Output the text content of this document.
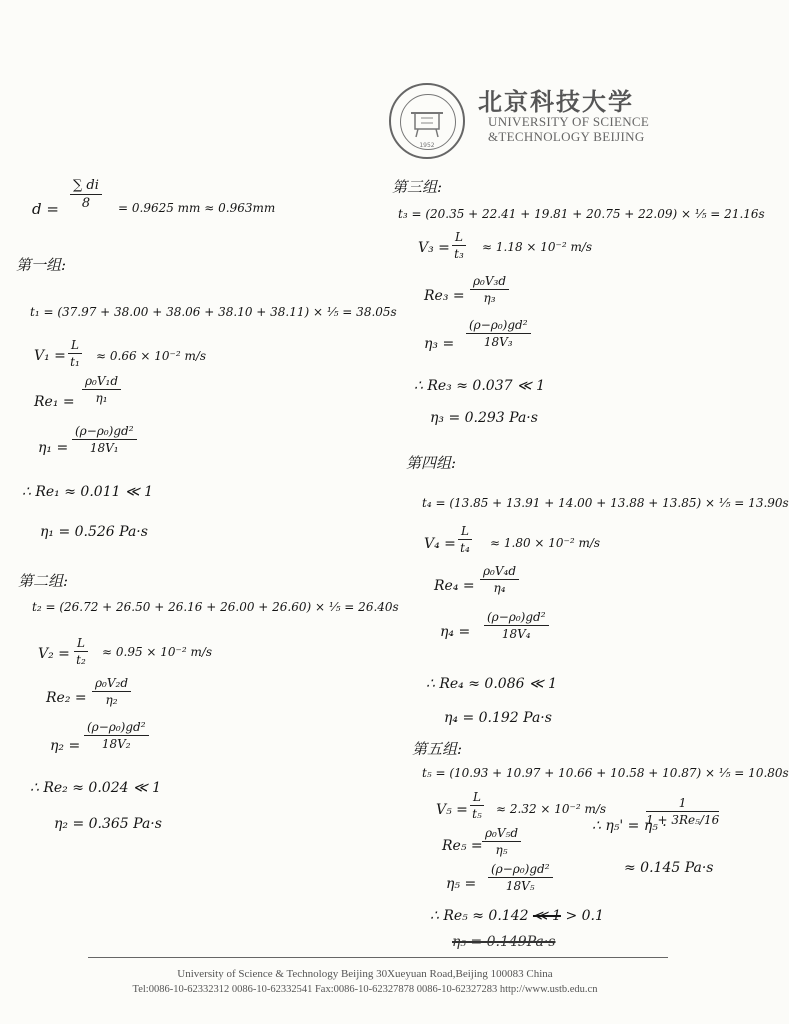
1952
北京科技大学
UNIVERSITY OF SCIENCE
&TECHNOLOGY BEIJING
$d = \frac{\sum di}{8} = 0.9625$ mm ≈ 0.963mm
第一组:
t₁ = (37.97 + 38.00 + 38.06 + 38.10 + 38.11) × ⅕ = 38.05s
$V_1 = \frac{L}{\text{t₁}} \approx 0.66 \times 10^{-2}$ m/s
$Re_1 = \frac{\text{ρ₀V₁d}}{\text{η₁}}$
$\eta_1 = \frac{\text{(ρ−ρ₀)gd²}}{\text{18V₁}}$
∴ Re₁ ≈ 0.011 ≪ 1
η₁ = 0.526 Pa·s
第二组:
t₂ = (26.72 + 26.50 + 26.16 + 26.00 + 26.60) × ⅕ = 26.40s
$V_2 = \frac{L}{\text{t₂}} \approx 0.95 \times 10^{-2}$ m/s
$Re_2 = \frac{\text{ρ₀V₂d}}{\text{η₂}}$
$\eta_2 = \frac{\text{(ρ−ρ₀)gd²}}{\text{18V₂}}$
∴ Re₂ ≈ 0.024 ≪ 1
η₂ = 0.365 Pa·s
第三组:
t₃ = (20.35 + 22.41 + 19.81 + 20.75 + 22.09) × ⅕ = 21.16s
$V_3 = \frac{L}{\text{t₃}} \approx 1.18 \times 10^{-2}$ m/s
$Re_3 = \frac{\text{ρ₀V₃d}}{\text{η₃}}$
$\eta_3 = \frac{\text{(ρ−ρ₀)gd²}}{\text{18V₃}}$
∴ Re₃ ≈ 0.037 ≪ 1
η₃ = 0.293 Pa·s
第四组:
t₄ = (13.85 + 13.91 + 14.00 + 13.88 + 13.85) × ⅕ = 13.90s
$V_4 = \frac{L}{\text{t₄}} \approx 1.80 \times 10^{-2}$ m/s
$Re_4 = \frac{\text{ρ₀V₄d}}{\text{η₄}}$
$\eta_4 = \frac{\text{(ρ−ρ₀)gd²}}{\text{18V₄}}$
∴ Re₄ ≈ 0.086 ≪ 1
η₄ = 0.192 Pa·s
第五组:
t₅ = (10.93 + 10.97 + 10.66 + 10.58 + 10.87) × ⅕ = 10.80s
$V_5 = \frac{L}{\text{t₅}} \approx 2.32 \times 10^{-2}$ m/s
$Re_5 = \frac{\text{ρ₀V₅d}}{\text{η₅}}$
$\eta_5 = \frac{\text{(ρ−ρ₀)gd²}}{\text{18V₅}}$
∴ Re₅ ≈ 0.142 ≪ 1 > 0.1
η₅ = 0.149Pa·s
∴ η₅' = η₅ ·
$\frac{1}{\text{1 + 3Re₅/16}}$
≈ 0.145 Pa·s
University of Science & Technology Beijing 30Xueyuan Road,Beijing 100083 China
Tel:0086-10-62332312 0086-10-62332541 Fax:0086-10-62327878 0086-10-62327283 http://www.ustb.edu.cn
